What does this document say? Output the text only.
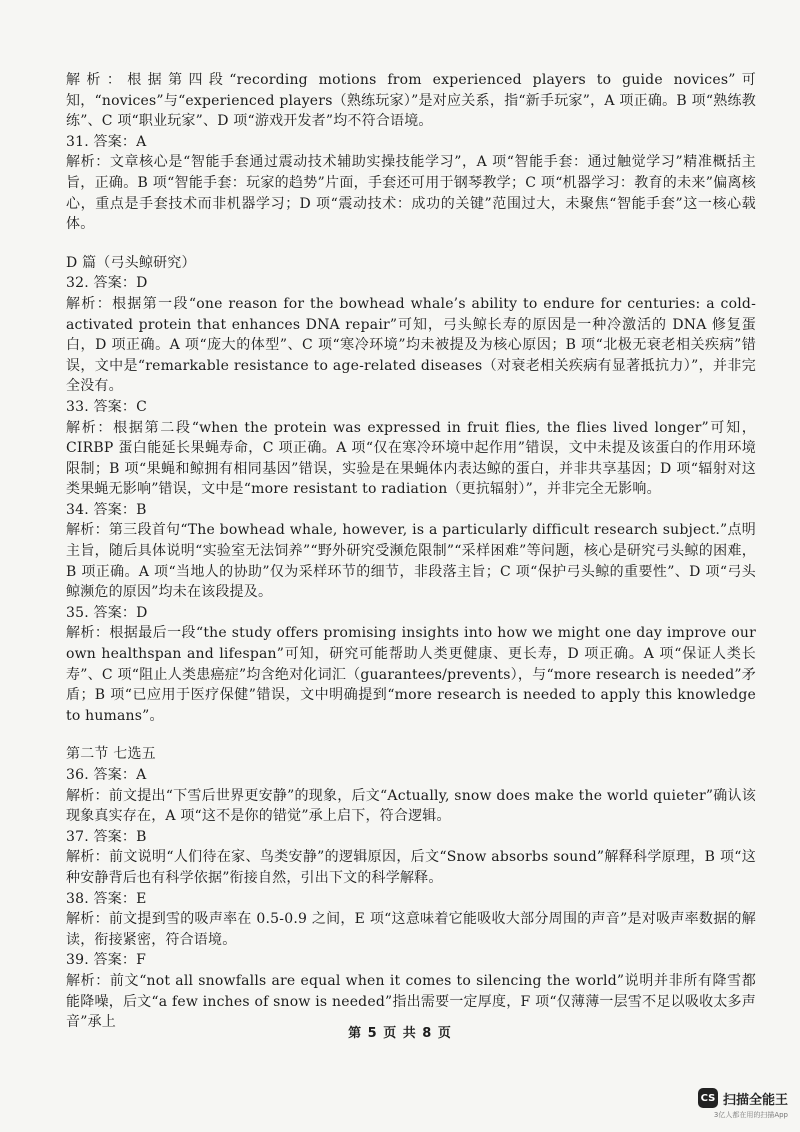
解析：根据第四段“recording motions from experienced players to guide novices”可知，“novices”与“experienced players（熟练玩家）”是对应关系，指“新手玩家”，A 项正确。B 项“熟练教练”、C 项“职业玩家”、D 项“游戏开发者”均不符合语境。

31. 答案：A

解析：文章核心是“智能手套通过震动技术辅助实操技能学习”，A 项“智能手套：通过触觉学习”精准概括主旨，正确。B 项“智能手套：玩家的趋势”片面，手套还可用于钢琴教学；C 项“机器学习：教育的未来”偏离核心，重点是手套技术而非机器学习；D 项“震动技术：成功的关键”范围过大，未聚焦“智能手套”这一核心载体。

D 篇（弓头鲸研究）

32. 答案：D

解析：根据第一段“one reason for the bowhead whale’s ability to endure for centuries: a cold-activated protein that enhances DNA repair”可知，弓头鲸长寿的原因是一种冷激活的 DNA 修复蛋白，D 项正确。A 项“庞大的体型”、C 项“寒冷环境”均未被提及为核心原因；B 项“北极无衰老相关疾病”错误，文中是“remarkable resistance to age-related diseases（对衰老相关疾病有显著抵抗力）”，并非完全没有。

33. 答案：C

解析：根据第二段“when the protein was expressed in fruit flies, the flies lived longer”可知，CIRBP 蛋白能延长果蝇寿命，C 项正确。A 项“仅在寒冷环境中起作用”错误，文中未提及该蛋白的作用环境限制；B 项“果蝇和鲸拥有相同基因”错误，实验是在果蝇体内表达鲸的蛋白，并非共享基因；D 项“辐射对这类果蝇无影响”错误，文中是“more resistant to radiation（更抗辐射）”，并非完全无影响。

34. 答案：B

解析：第三段首句“The bowhead whale, however, is a particularly difficult research subject.”点明主旨，随后具体说明“实验室无法饲养”“野外研究受濒危限制”“采样困难”等问题，核心是研究弓头鲸的困难，B 项正确。A 项“当地人的协助”仅为采样环节的细节，非段落主旨；C 项“保护弓头鲸的重要性”、D 项“弓头鲸濒危的原因”均未在该段提及。

35. 答案：D

解析：根据最后一段“the study offers promising insights into how we might one day improve our own healthspan and lifespan”可知，研究可能帮助人类更健康、更长寿，D 项正确。A 项“保证人类长寿”、C 项“阻止人类患癌症”均含绝对化词汇（guarantees/prevents），与“more research is needed”矛盾；B 项“已应用于医疗保健”错误，文中明确提到“more research is needed to apply this knowledge to humans”。

第二节 七选五

36. 答案：A

解析：前文提出“下雪后世界更安静”的现象，后文“Actually, snow does make the world quieter”确认该现象真实存在，A 项“这不是你的错觉”承上启下，符合逻辑。

37. 答案：B

解析：前文说明“人们待在家、鸟类安静”的逻辑原因，后文“Snow absorbs sound”解释科学原理，B 项“这种安静背后也有科学依据”衔接自然，引出下文的科学解释。

38. 答案：E

解析：前文提到雪的吸声率在 0.5-0.9 之间，E 项“这意味着它能吸收大部分周围的声音”是对吸声率数据的解读，衔接紧密，符合语境。

39. 答案：F

解析：前文“not all snowfalls are equal when it comes to silencing the world”说明并非所有降雪都能降噪，后文“a few inches of snow is needed”指出需要一定厚度，F 项“仅薄薄一层雪不足以吸收太多声音”承上

第 5 页 共 8 页
CS 扫描全能王
3亿人都在用的扫描App
